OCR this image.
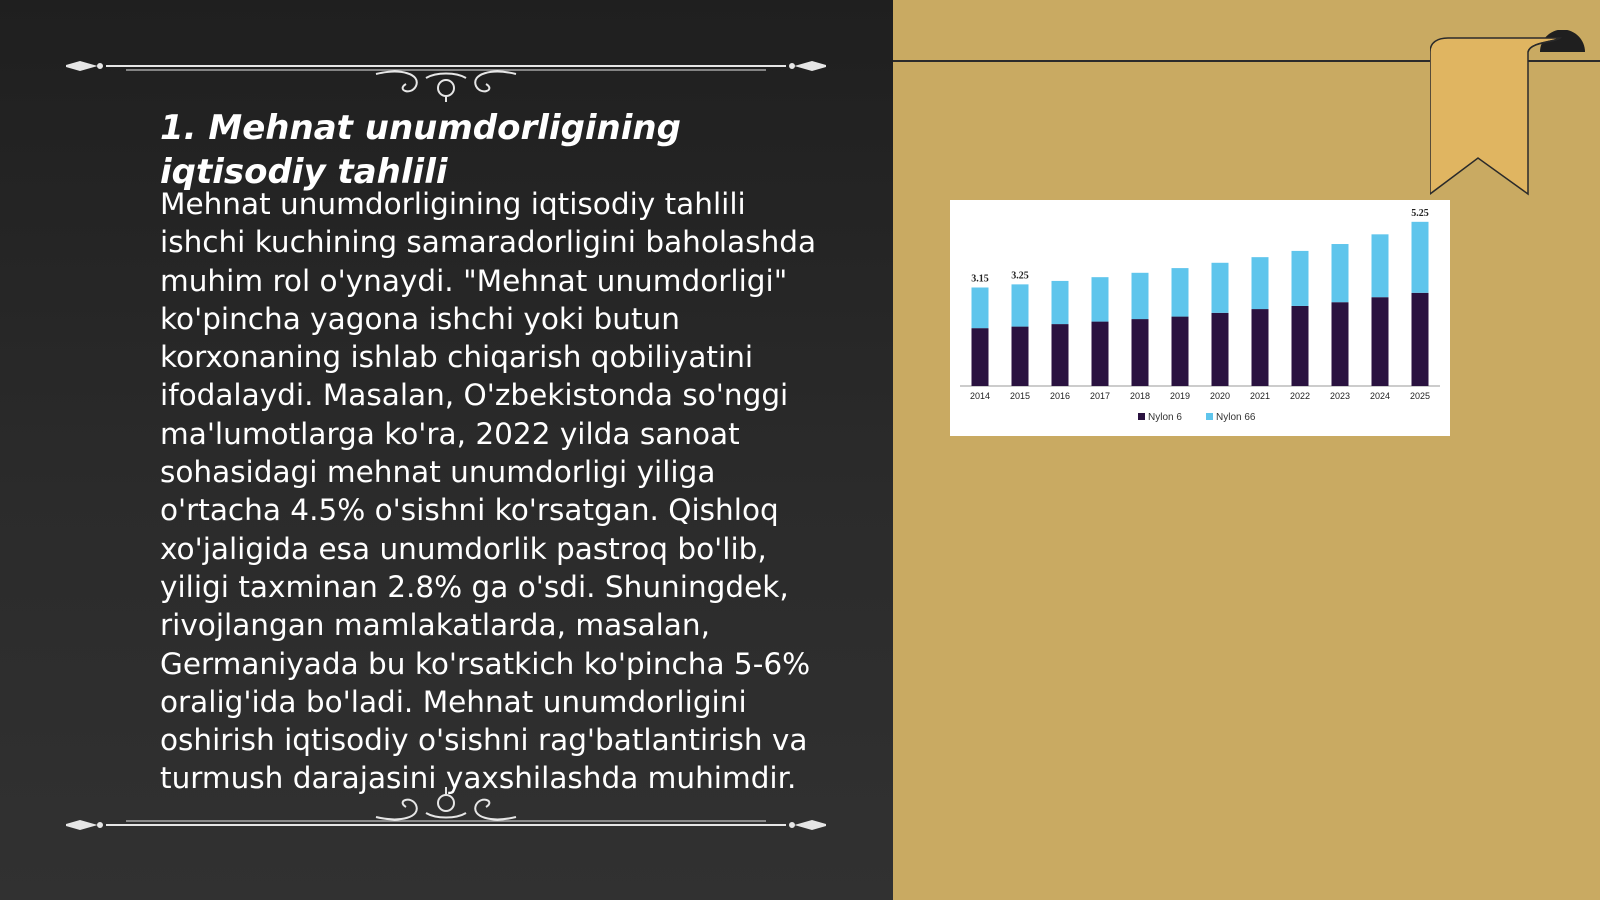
1. Mehnat unumdorligining iqtisodiy tahlili

Mehnat unumdorligining iqtisodiy tahlili ishchi kuchining samaradorligini baholashda muhim rol o'ynaydi. "Mehnat unumdorligi" ko'pincha yagona ishchi yoki butun korxonaning ishlab chiqarish qobiliyatini ifodalaydi. Masalan, O'zbekistonda so'nggi ma'lumotlarga ko'ra, 2022 yilda sanoat sohasidagi mehnat unumdorligi yiliga o'rtacha 4.5% o'sishni ko'rsatgan. Qishloq xo'jaligida esa unumdorlik pastroq bo'lib, yiligi taxminan 2.8% ga o'sdi. Shuningdek, rivojlangan mamlakatlarda, masalan, Germaniyada bu ko'rsatkich ko'pincha 5-6% oralig'ida bo'ladi. Mehnat unumdorligini oshirish iqtisodiy o'sishni rag'batlantirish va turmush darajasini yaxshilashda muhimdir.

2014
3.15
2015
3.25
2016 2017 2018 2019 2020 2021 2022 2023 2024 2025
5.25
Nylon 6	Nylon 66
